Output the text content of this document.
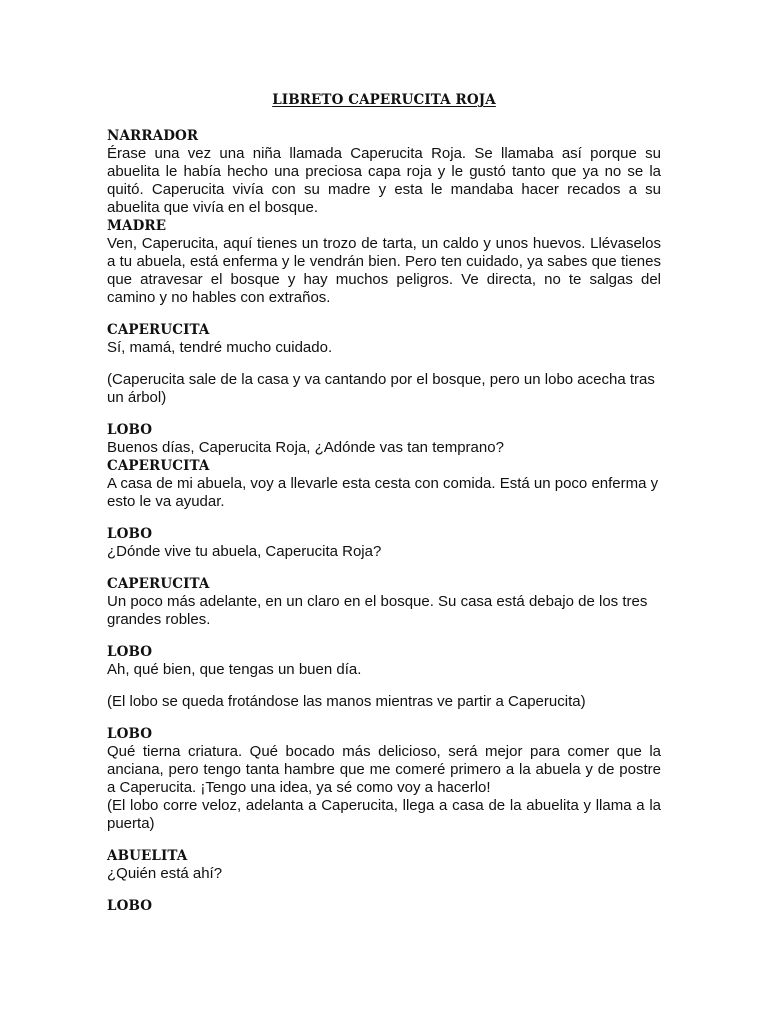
LIBRETO CAPERUCITA ROJA

NARRADOR

Érase una vez una niña llamada Caperucita Roja. Se llamaba así porque su abuelita le había hecho una preciosa capa roja y le gustó tanto que ya no se la quitó. Caperucita vivía con su madre y esta le mandaba hacer recados a su abuelita que vivía en el bosque.

MADRE

Ven, Caperucita, aquí tienes un trozo de tarta, un caldo y unos huevos. Llévaselos a tu abuela, está enferma y le vendrán bien. Pero ten cuidado, ya sabes que tienes que atravesar el bosque y hay muchos peligros. Ve directa, no te salgas del camino y no hables con extraños.

CAPERUCITA

Sí, mamá, tendré mucho cuidado.

(Caperucita sale de la casa y va cantando por el bosque, pero un lobo acecha tras un árbol)

LOBO

Buenos días, Caperucita Roja, ¿Adónde vas tan temprano?

CAPERUCITA

A casa de mi abuela, voy a llevarle esta cesta con comida. Está un poco enferma y esto le va ayudar.

LOBO

¿Dónde vive tu abuela, Caperucita Roja?

CAPERUCITA

Un poco más adelante, en un claro en el bosque. Su casa está debajo de los tres grandes robles.

LOBO

Ah, qué bien, que tengas un buen día.

(El lobo se queda frotándose las manos mientras ve partir a Caperucita)

LOBO

Qué tierna criatura. Qué bocado más delicioso, será mejor para comer que la anciana, pero tengo tanta hambre que me comeré primero a la abuela y de postre a Caperucita. ¡Tengo una idea, ya sé como voy a hacerlo!

(El lobo corre veloz, adelanta a Caperucita, llega a casa de la abuelita y llama a la puerta)

ABUELITA

¿Quién está ahí?

LOBO
